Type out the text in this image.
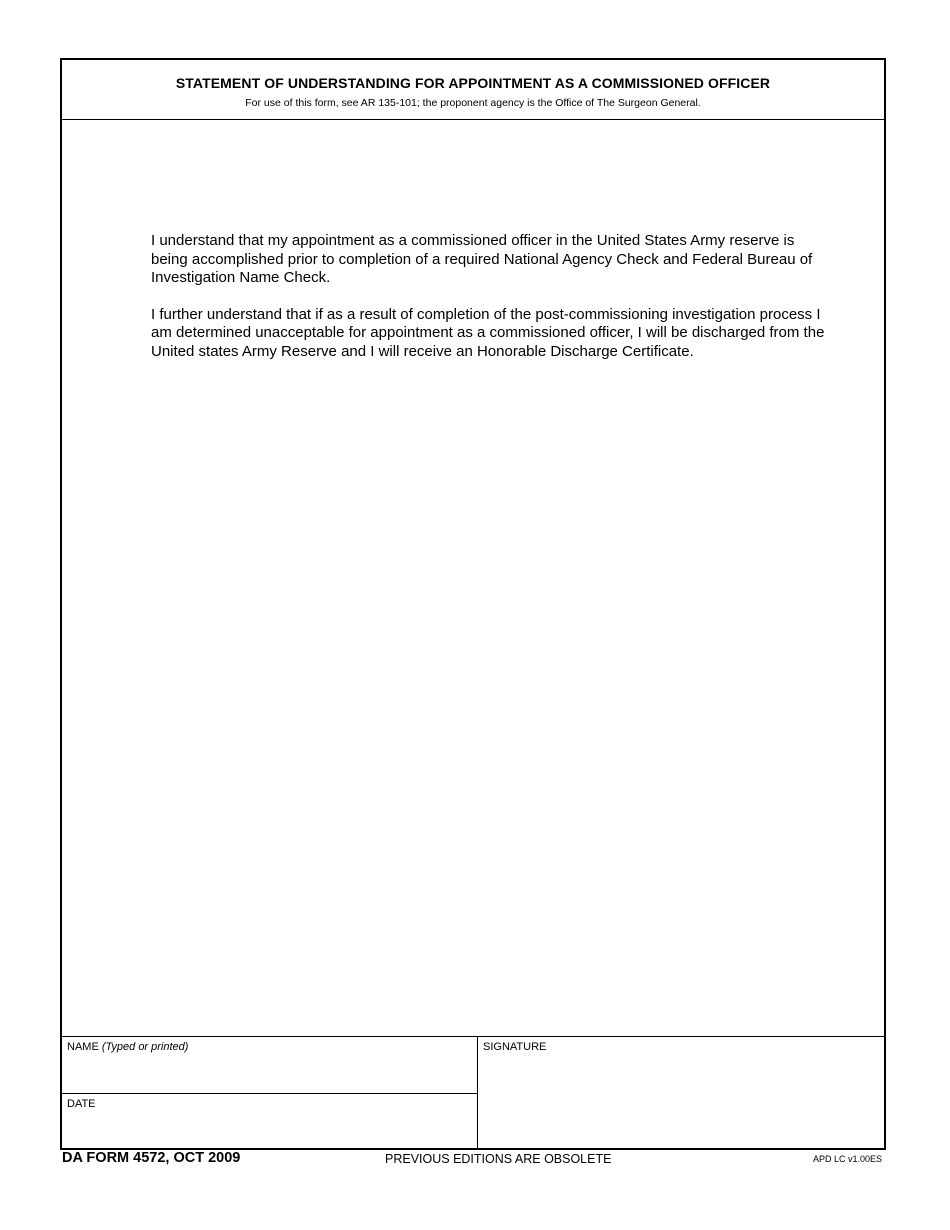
STATEMENT OF UNDERSTANDING FOR APPOINTMENT AS A COMMISSIONED OFFICER
For use of this form, see AR 135-101; the proponent agency is the Office of The Surgeon General.

I understand that my appointment as a commissioned officer in the United States Army reserve is being accomplished prior to completion of a required National Agency Check and Federal Bureau of Investigation Name Check.

I further understand that if as a result of completion of the post-commissioning investigation process I am determined unacceptable for appointment as a commissioned officer, I will be discharged from the United states Army Reserve and I will receive an Honorable Discharge Certificate.

NAME (Typed or printed)
DATE
SIGNATURE
DA FORM 4572, OCT 2009	PREVIOUS EDITIONS ARE OBSOLETE	APD LC v1.00ES
